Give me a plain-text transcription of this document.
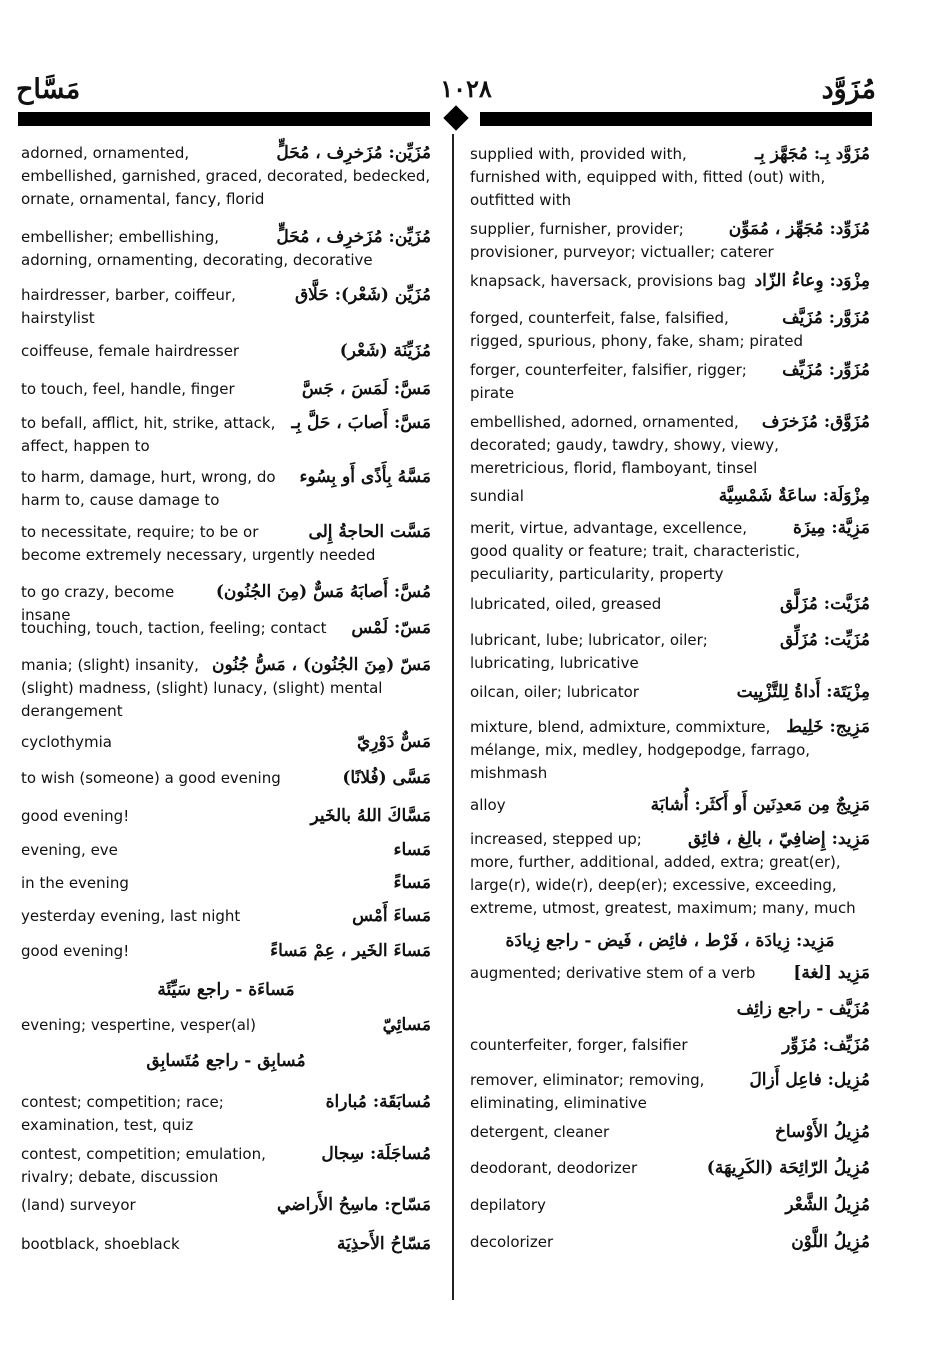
مَسَّاح	١٠٢٨	مُزَوَّد
مُزَيِّن: مُزَخرِف ، مُحَلٍّ
adorned, ornamented, embellished, garnished, graced, decorated, bedecked, ornate, ornamental, fancy, florid
مُزَيِّن: مُزَخرِف ، مُحَلٍّ
embellisher; embellishing, adorning, ornamenting, decorating, decorative
مُزَيِّن (شَعْر): حَلَّاق
hairdresser, barber, coiffeur, hairstylist
مُزَيِّنَة (شَعْر)
coiffeuse, female hairdresser
مَسَّ: لَمَسَ ، جَسَّ
to touch, feel, handle, finger
مَسَّ: أَصابَ ، حَلَّ بِـ
to befall, afflict, hit, strike, attack, affect, happen to
مَسَّهُ بِأَذًى أَو بِسُوء
to harm, damage, hurt, wrong, do harm to, cause damage to
مَسَّت الحاجةُ إِلى
to necessitate, require; to be or become extremely necessary, urgently needed
مُسَّ: أَصابَهُ مَسٌّ (مِنَ الجُنُون)
to go crazy, become insane
مَسّ: لَمْس
touching, touch, taction, feeling; contact
مَسّ (مِنَ الجُنُون) ، مَسُّ جُنُون
mania; (slight) insanity, (slight) madness, (slight) lunacy, (slight) mental derangement
مَسٌّ دَوْرِيّ
cyclothymia
مَسَّى (فُلانًا)
to wish (someone) a good evening
مَسَّاكَ اللهُ بالخَير
good evening!
مَساء
evening, eve
مَساءً
in the evening
مَساءَ أَمْس
yesterday evening, last night
مَساءَ الخَير ، عِمْ مَساءً
good evening!
مَساءَة - راجع سَيِّئَة
مَسائِيّ
evening; vespertine, vesper(al)
مُسابِق - راجع مُتَسابِق
مُسابَقَة: مُباراة
contest; competition; race; examination, test, quiz
مُساجَلَة: سِجال
contest, competition; emulation, rivalry; debate, discussion
مَسّاح: ماسِحُ الأَراضي
(land) surveyor
مَسّاحُ الأَحذِيَة
bootblack, shoeblack
مُزَوَّد بِـ: مُجَهَّز بِـ
supplied with, provided with, furnished with, equipped with, fitted (out) with, outfitted with
مُزَوِّد: مُجَهِّز ، مُمَوِّن
supplier, furnisher, provider; provisioner, purveyor; victualler; caterer
مِزْوَد: وِعاءُ الزّاد
knapsack, haversack, provisions bag
مُزَوَّر: مُزَيَّف
forged, counterfeit, false, falsified, rigged, spurious, phony, fake, sham; pirated
مُزَوِّر: مُزَيِّف
forger, counterfeiter, falsifier, rigger; pirate
مُزَوَّق: مُزَخرَف
embellished, adorned, ornamented, decorated; gaudy, tawdry, showy, viewy, meretricious, florid, flamboyant, tinsel
مِزْوَلَة: ساعَةٌ شَمْسِيَّة
sundial
مَزِيَّة: مِيزَة
merit, virtue, advantage, excellence, good quality or feature; trait, characteristic, peculiarity, particularity, property
مُزَيَّت: مُزَلَّق
lubricated, oiled, greased
مُزَيِّت: مُزَلِّق
lubricant, lube; lubricator, oiler; lubricating, lubricative
مِزْيَتَة: أَداةُ لِلتَّزْيِيت
oilcan, oiler; lubricator
مَزِيج: خَلِيط
mixture, blend, admixture, commixture, mélange, mix, medley, hodgepodge, farrago, mishmash
مَزِيجٌ مِن مَعدِنَين أَو أَكثَر: أُشابَة
alloy
مَزِيد: إِضافِيّ ، بالِغ ، فائِق
increased, stepped up; more, further, additional, added, extra; great(er), large(r), wide(r), deep(er); excessive, exceeding, extreme, utmost, greatest, maximum; many, much
مَزِيد: زِيادَة ، فَرْط ، فائِض ، فَيض - راجع زِيادَة
مَزِيد [لغة]
augmented; derivative stem of a verb
مُزَيَّف - راجع زائِف
مُزَيِّف: مُزَوِّر
counterfeiter, forger, falsifier
مُزِيل: فاعِل أَزالَ
remover, eliminator; removing, eliminating, eliminative
مُزِيلُ الأَوْساخ
detergent, cleaner
مُزِيلُ الرّائِحَة (الكَرِيهَة)
deodorant, deodorizer
مُزِيلُ الشَّعْر
depilatory
مُزِيلُ اللَّوْن
decolorizer
